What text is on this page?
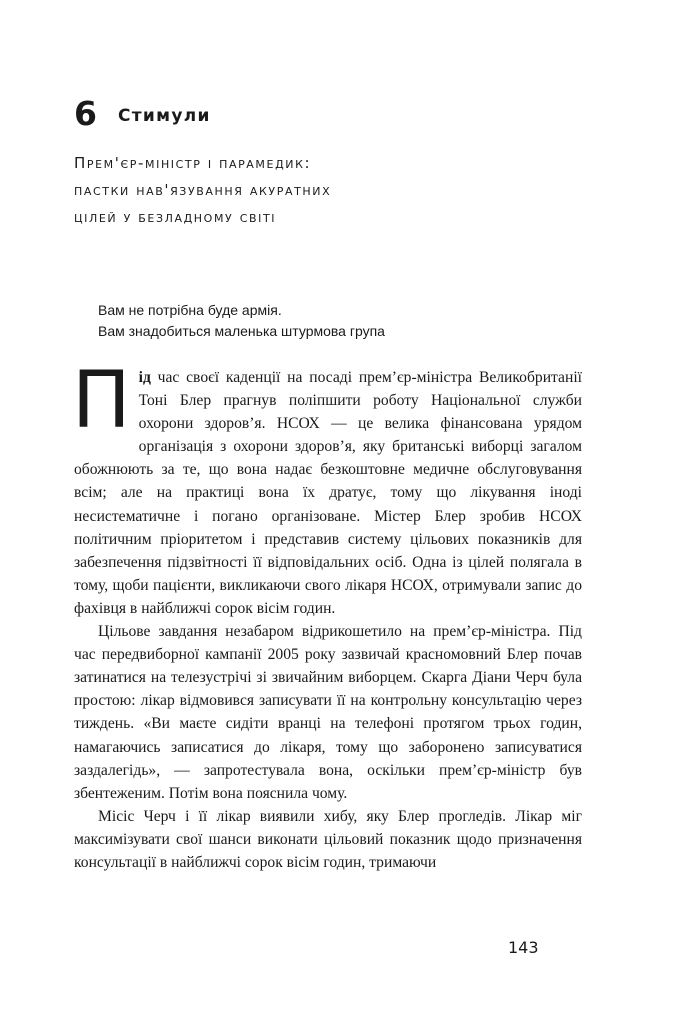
6 Стимули
Прем'єр-міністр і парамедик:
пастки нав'язування акуратних
цілей у безладному світі
Вам не потрібна буде армія.
Вам знадобиться маленька штурмова група

Під час своєї каденції на посаді прем’єр-міністра Великобританії Тоні Блер прагнув поліпшити роботу Національної служби охорони здоров’я. НСОХ — це велика фінансована урядом організація з охорони здоров’я, яку британські виборці загалом обожнюють за те, що вона надає безкоштовне медичне обслуговування всім; але на практиці вона їх дратує, тому що лікування іноді несистематичне і погано організоване. Містер Блер зробив НСОХ політичним пріоритетом і представив систему цільових показників для забезпечення підзвітності її відповідальних осіб. Одна із цілей полягала в тому, щоби пацієнти, викликаючи свого лікаря НСОХ, отримували запис до фахівця в найближчі сорок вісім годин.

Цільове завдання незабаром відрикошетило на прем’єр-міністра. Під час передвиборної кампанії 2005 року зазвичай красномовний Блер почав затинатися на телезустрічі зі звичайним виборцем. Скарга Діани Черч була простою: лікар відмовився записувати її на контрольну консультацію через тиждень. «Ви маєте сидіти вранці на телефоні протягом трьох годин, намагаючись записатися до лікаря, тому що заборонено записуватися заздалегідь», — запротестувала вона, оскільки прем’єр-міністр був збентеженим. Потім вона пояснила чому.

Місіс Черч і її лікар виявили хибу, яку Блер прогледів. Лікар міг максимізувати свої шанси виконати цільовий показник щодо призначення консультації в найближчі сорок вісім годин, тримаючи

143
